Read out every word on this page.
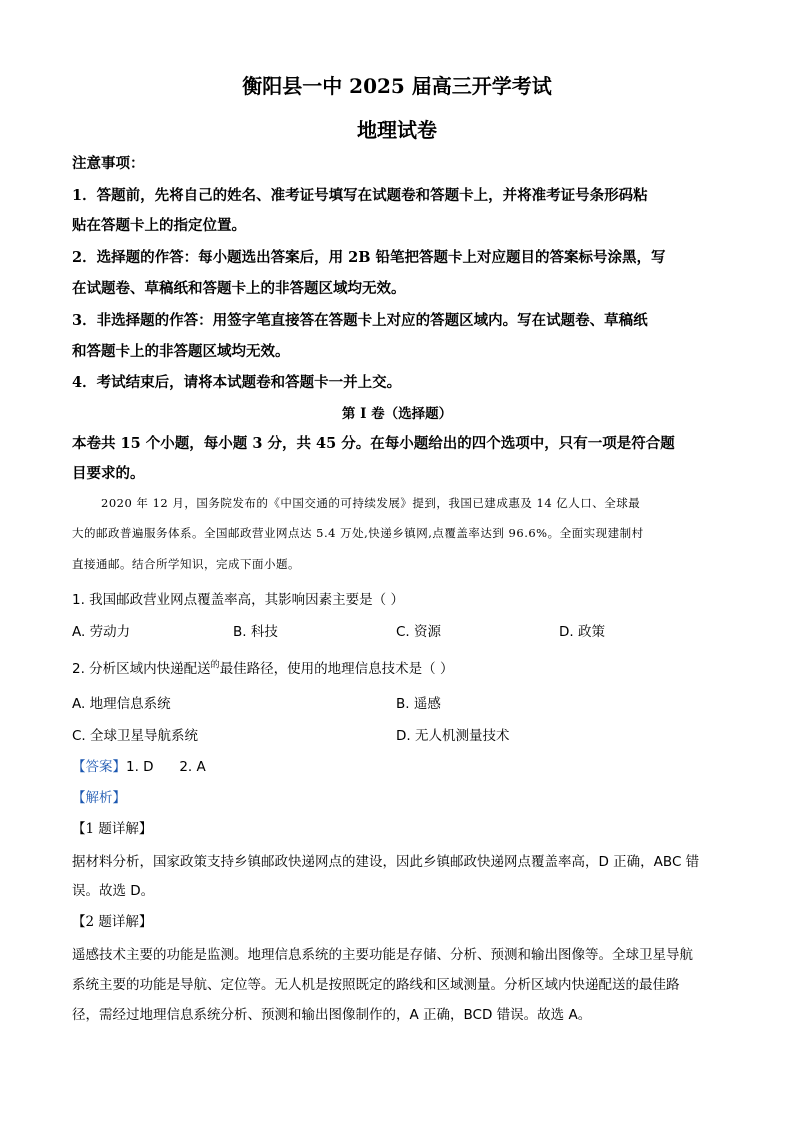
衡阳县一中 2025 届高三开学考试
地理试卷
注意事项：
1．答题前，先将自己的姓名、准考证号填写在试题卷和答题卡上，并将准考证号条形码粘
贴在答题卡上的指定位置。
2．选择题的作答：每小题选出答案后，用 2B 铅笔把答题卡上对应题目的答案标号涂黑，写
在试题卷、草稿纸和答题卡上的非答题区域均无效。
3．非选择题的作答：用签字笔直接答在答题卡上对应的答题区域内。写在试题卷、草稿纸
和答题卡上的非答题区域均无效。
4．考试结束后，请将本试题卷和答题卡一并上交。
第 I 卷（选择题）
本卷共 15 个小题，每小题 3 分，共 45 分。在每小题给出的四个选项中，只有一项是符合题
目要求的。
2020 年 12 月，国务院发布的《中国交通的可持续发展》提到，我国已建成惠及 14 亿人口、全球最
大的邮政普遍服务体系。全国邮政营业网点达 5.4 万处,快递乡镇网,点覆盖率达到 96.6%。全面实现建制村
直接通邮。结合所学知识，完成下面小题。
1. 我国邮政营业网点覆盖率高，其影响因素主要是（ ）
A. 劳动力	B. 科技	C. 资源	D. 政策
2. 分析区域内快递配送$^的$最佳路径，使用的地理信息技术是（ ）
A. 地理信息系统	B. 遥感
C. 全球卫星导航系统	D. 无人机测量技术
【答案】1. D      2. A
【解析】
【1 题详解】
据材料分析，国家政策支持乡镇邮政快递网点的建设，因此乡镇邮政快递网点覆盖率高，D 正确，ABC 错
误。故选 D。
【2 题详解】
遥感技术主要的功能是监测。地理信息系统的主要功能是存储、分析、预测和输出图像等。全球卫星导航
系统主要的功能是导航、定位等。无人机是按照既定的路线和区域测量。分析区域内快递配送的最佳路
径，需经过地理信息系统分析、预测和输出图像制作的，A 正确，BCD 错误。故选 A。
